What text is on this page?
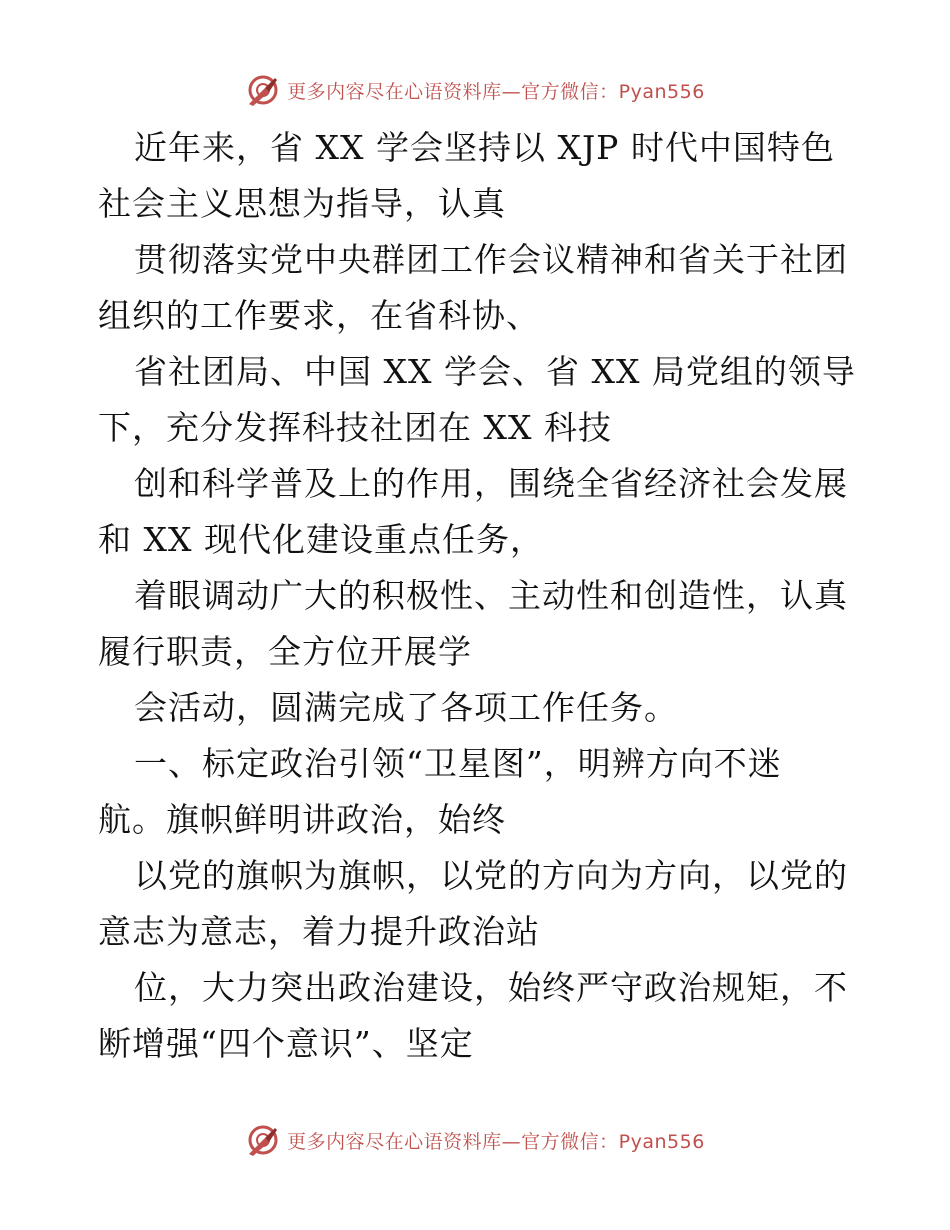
更多内容尽在心语资料库—官方微信：Pyan556
近年来，省 XX 学会坚持以 XJP 时代中国特色
社会主义思想为指导，认真
贯彻落实党中央群团工作会议精神和省关于社团
组织的工作要求，在省科协、
省社团局、中国 XX 学会、省 XX 局党组的领导
下，充分发挥科技社团在 XX 科技
创和科学普及上的作用，围绕全省经济社会发展
和 XX 现代化建设重点任务，
着眼调动广大的积极性、主动性和创造性，认真
履行职责，全方位开展学
会活动，圆满完成了各项工作任务。
一、标定政治引领“卫星图”，明辨方向不迷
航。旗帜鲜明讲政治，始终
以党的旗帜为旗帜，以党的方向为方向，以党的
意志为意志，着力提升政治站
位，大力突出政治建设，始终严守政治规矩，不
断增强“四个意识”、坚定
更多内容尽在心语资料库—官方微信：Pyan556
